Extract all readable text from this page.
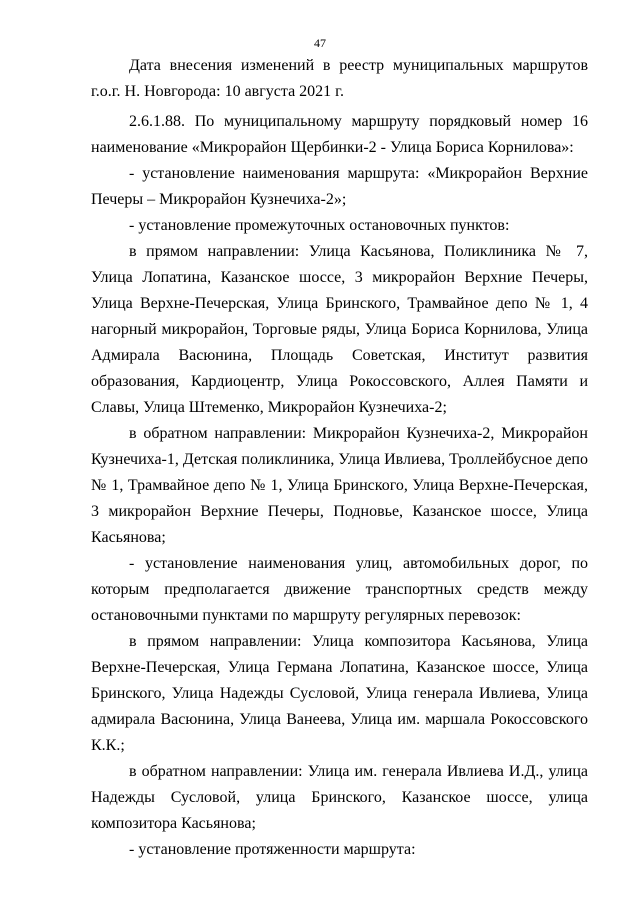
47

Дата внесения изменений в реестр муниципальных маршрутов г.о.г. Н. Новгорода: 10 августа 2021 г.

2.6.1.88. По муниципальному маршруту порядковый номер 16 наименование «Микрорайон Щербинки-2 - Улица Бориса Корнилова»:

- установление наименования маршрута: «Микрорайон Верхние Печеры – Микрорайон Кузнечиха-2»;

- установление промежуточных остановочных пунктов:

в прямом направлении: Улица Касьянова, Поликлиника № 7, Улица Лопатина, Казанское шоссе, 3 микрорайон Верхние Печеры, Улица Верхне-Печерская, Улица Бринского, Трамвайное депо № 1, 4 нагорный микрорайон, Торговые ряды, Улица Бориса Корнилова, Улица Адмирала Васюнина, Площадь Советская, Институт развития образования, Кардиоцентр, Улица Рокоссовского, Аллея Памяти и Славы, Улица Штеменко, Микрорайон Кузнечиха-2;

в обратном направлении: Микрорайон Кузнечиха-2, Микрорайон Кузнечиха-1, Детская поликлиника, Улица Ивлиева, Троллейбусное депо № 1, Трамвайное депо № 1, Улица Бринского, Улица Верхне-Печерская, 3 микрорайон Верхние Печеры, Подновье, Казанское шоссе, Улица Касьянова;

- установление наименования улиц, автомобильных дорог, по которым предполагается движение транспортных средств между остановочными пунктами по маршруту регулярных перевозок:

в прямом направлении: Улица композитора Касьянова, Улица Верхне-Печерская, Улица Германа Лопатина, Казанское шоссе, Улица Бринского, Улица Надежды Сусловой, Улица генерала Ивлиева, Улица адмирала Васюнина, Улица Ванеева, Улица им. маршала Рокоссовского К.К.;

в обратном направлении: Улица им. генерала Ивлиева И.Д., улица Надежды Сусловой, улица Бринского, Казанское шоссе, улица композитора Касьянова;

- установление протяженности маршрута:
